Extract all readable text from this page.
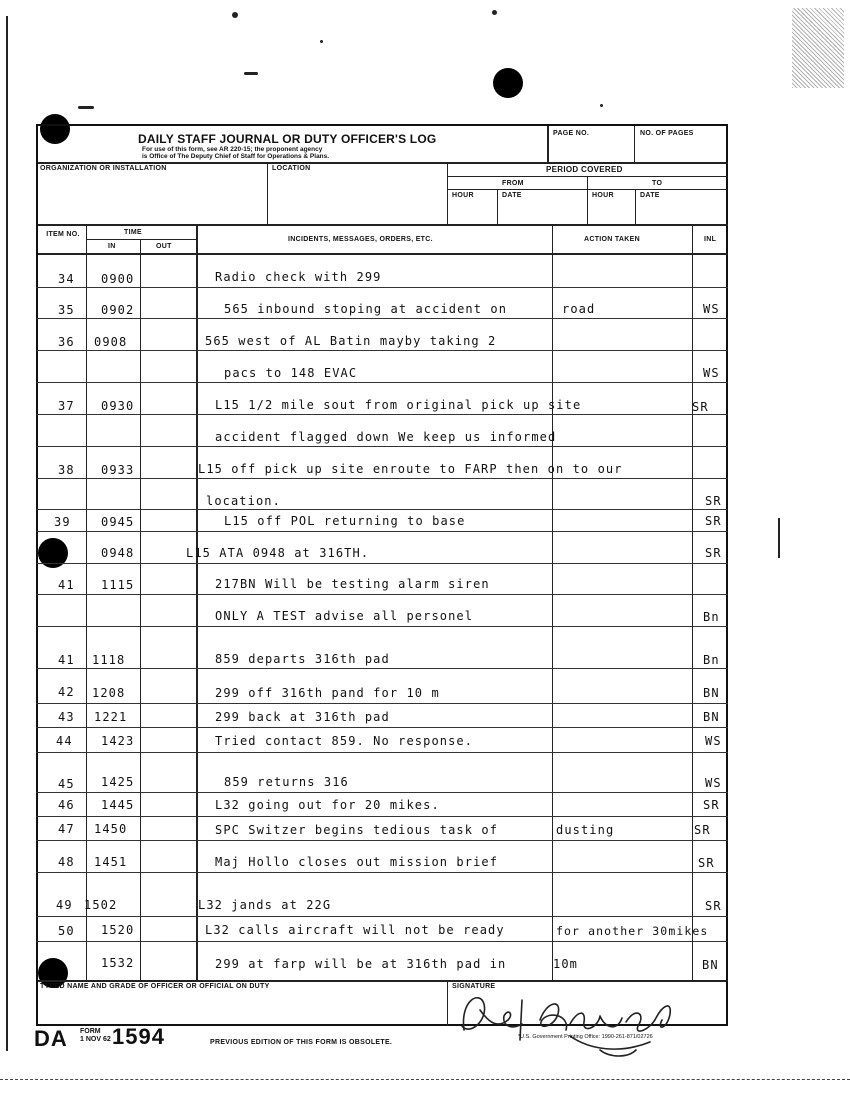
DAILY STAFF JOURNAL OR DUTY OFFICER'S LOG
For use of this form, see AR 220-15; the proponent agency
is Office of The Deputy Chief of Staff for Operations & Plans.
PAGE NO.	NO. OF PAGES
ORGANIZATION OR INSTALLATION	LOCATION	PERIOD COVERED
FROM	TO
HOUR	DATE	HOUR	DATE
ITEM NO.	TIME
IN	OUT
INCIDENTS, MESSAGES, ORDERS, ETC.	ACTION TAKEN	INL
TYPED NAME AND GRADE OF OFFICER OR OFFICIAL ON DUTY	SIGNATURE
34 0900	Radio check with 299
35 0902	565 inbound stoping at accident on	road	WS
36 0908	565 west of AL Batin mayby taking 2
pacs to 148 EVAC	WS
37 0930	L15 1/2 mile sout from original pick up site	SR
accident flagged down We keep us informed
38 0933	L15 off pick up site enroute to FARP then on to our
location.	SR
39	0945	L15 off POL returning to base	SR
0948	L15 ATA 0948 at 316TH.	SR
41 1115	217BN Will be testing alarm siren
ONLY A TEST advise all personel	Bn
41 1118	859 departs 316th pad	Bn
42 1208	299 off 316th pand for 10 m	BN
43 1221	299 back at 316th pad	BN
44 1423	Tried contact 859. No response.	WS
45 1425	859 returns 316	WS
46 1445	L32 going out for 20 mikes.	SR
47 1450	SPC Switzer begins tedious task of	dusting	SR
48 1451	Maj Hollo closes out mission brief	SR
49 1502	L32 jands at 22G	SR
50 1520	L32 calls aircraft will not be ready	for another 30mikes
1532	299 at farp will be at 316th pad in	10m	BN
DA FORM
1 NOV 62 1594	PREVIOUS EDITION OF THIS FORM IS OBSOLETE.
*U.S. Government Printing Office: 1990-261-871/02726
